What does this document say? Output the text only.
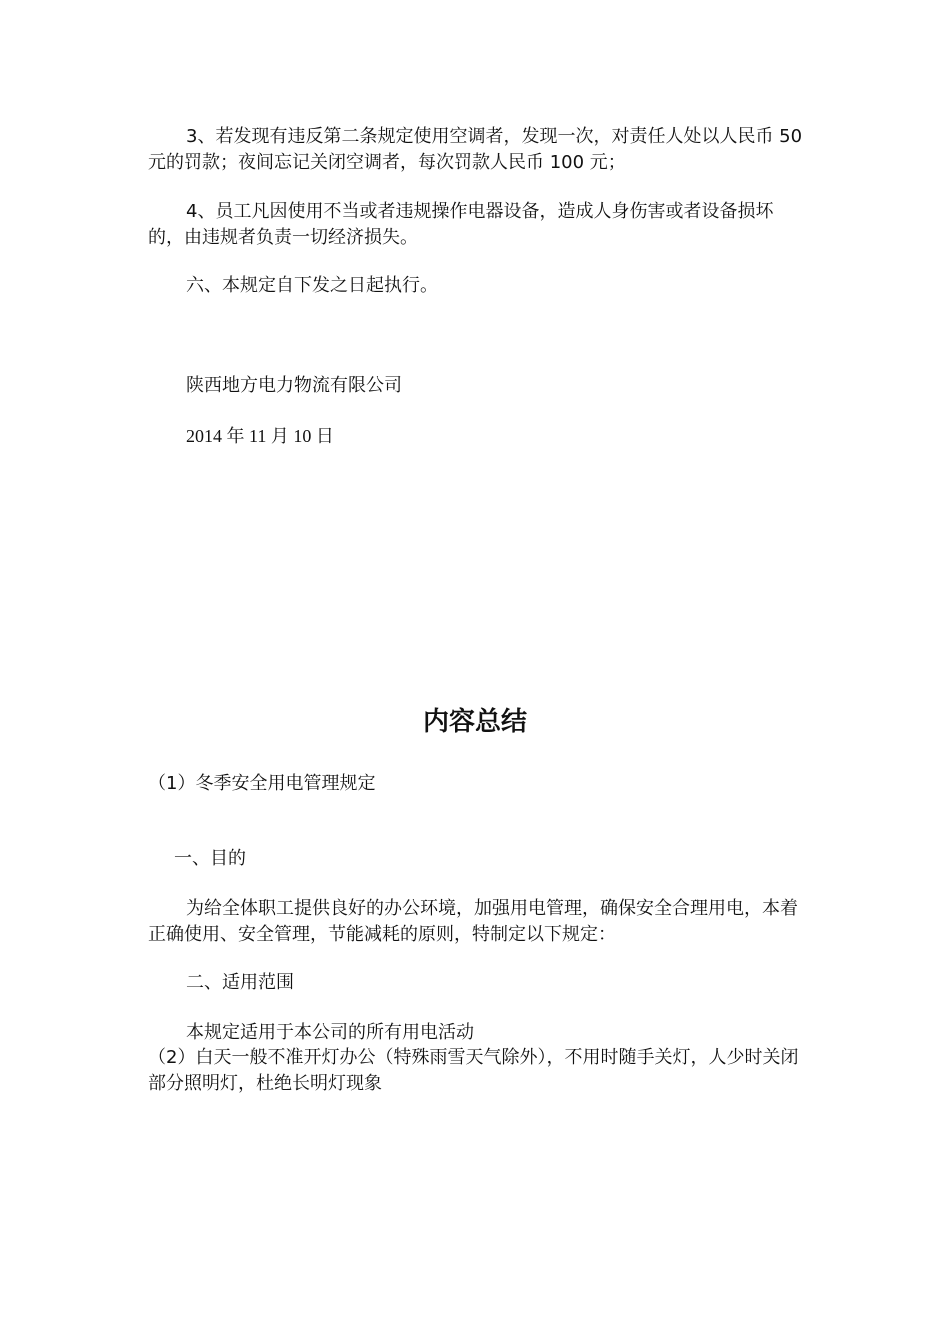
3、若发现有违反第二条规定使用空调者，发现一次，对责任人处以人民币 50 元的罚款；夜间忘记关闭空调者，每次罚款人民币 100 元；

4、员工凡因使用不当或者违规操作电器设备，造成人身伤害或者设备损坏的，由违规者负责一切经济损失。

六、本规定自下发之日起执行。

陕西地方电力物流有限公司

2014 年 11 月 10 日

内容总结

（1）冬季安全用电管理规定

一、目的

为给全体职工提供良好的办公环境，加强用电管理，确保安全合理用电，本着正确使用、安全管理，节能减耗的原则，特制定以下规定：

二、适用范围

本规定适用于本公司的所有用电活动

（2）白天一般不准开灯办公（特殊雨雪天气除外），不用时随手关灯，人少时关闭部分照明灯，杜绝长明灯现象
